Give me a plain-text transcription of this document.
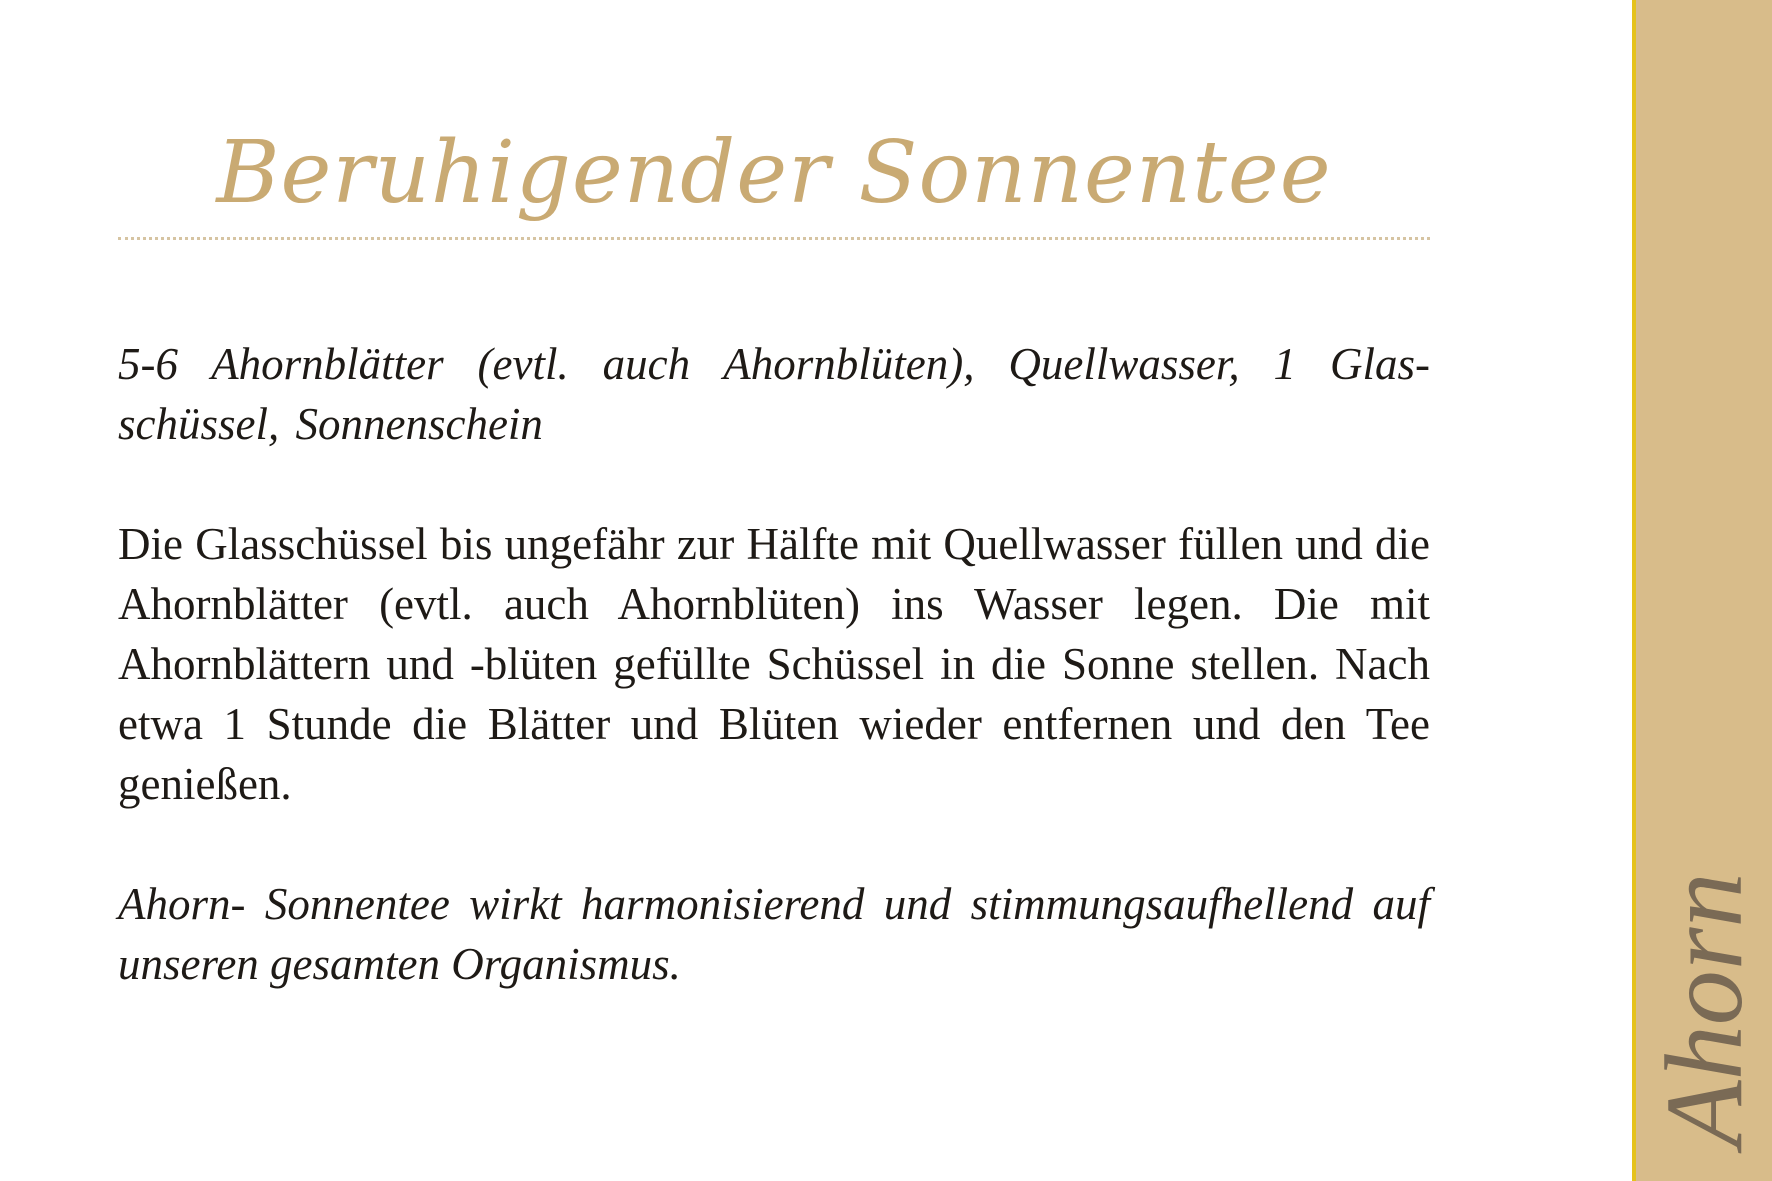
Beruhigender Sonnentee

5-6 Ahornblätter (evtl. auch Ahornblüten), Quellwasser, 1 Glas-schüssel, Sonnenschein

Die Glasschüssel bis ungefähr zur Hälfte mit Quellwasser füllen und die Ahornblätter (evtl. auch Ahornblüten) ins Wasser legen. Die mit Ahornblättern und -blüten gefüllte Schüssel in die Sonne stellen. Nach etwa 1 Stunde die Blätter und Blüten wieder entfernen und den Tee genießen.

Ahorn- Sonnentee wirkt harmonisierend und stimmungsaufhellend auf unseren gesamten Organismus.	Ahorn
